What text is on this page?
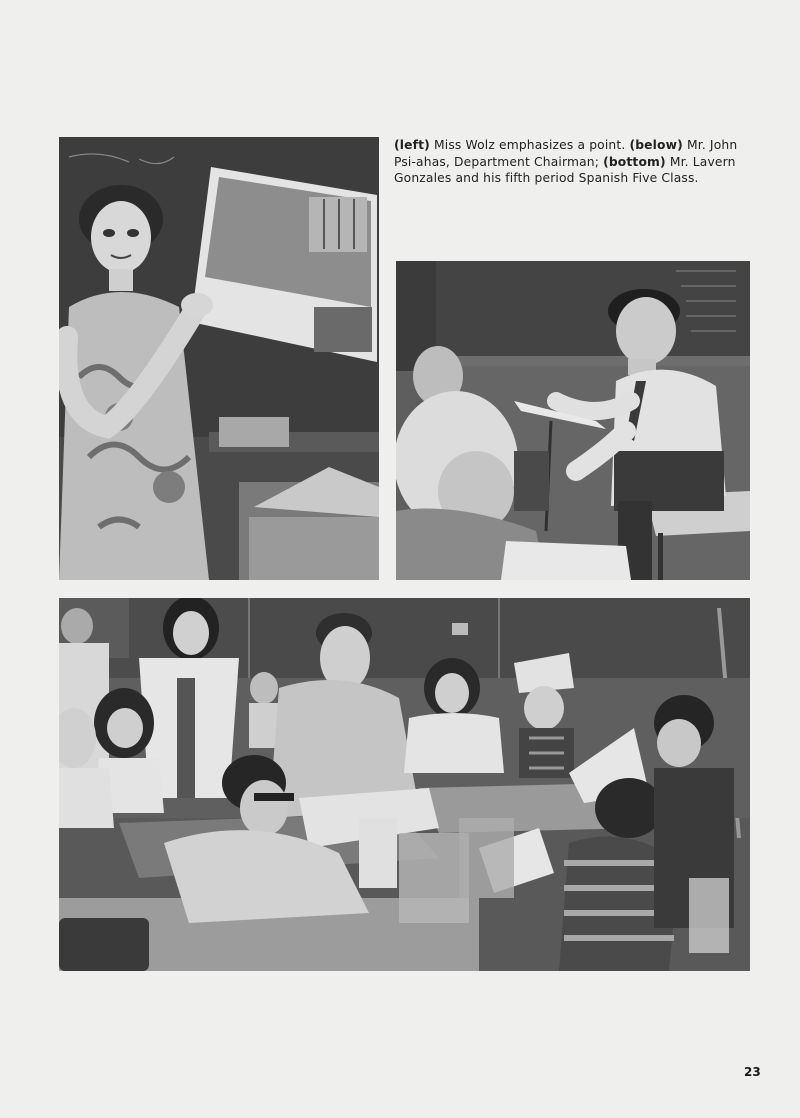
(left) Miss Wolz emphasizes a point. (below) Mr. John Psi-ahas, Department Chairman; (bottom) Mr. Lavern Gonzales and his fifth period Spanish Five Class.

23
